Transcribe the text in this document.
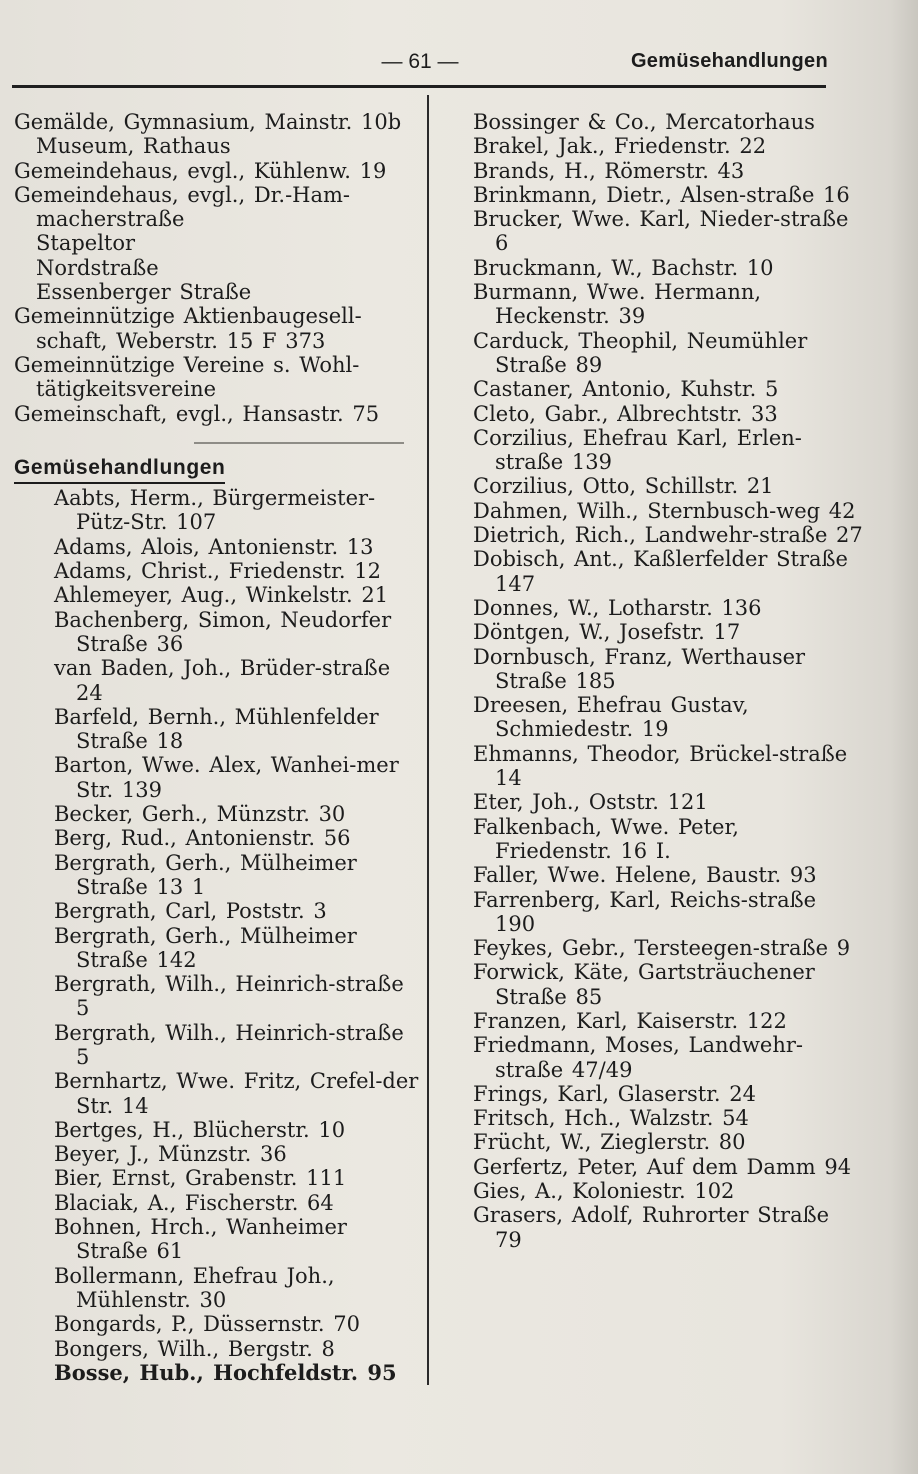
— 61 —	Gemüsehandlungen
Gemälde, Gymnasium, Mainstr. 10b
Museum, Rathaus
Gemeindehaus, evgl., Kühlenw. 19
Gemeindehaus, evgl., Dr.-Ham-macherstraße
Stapeltor
Nordstraße
Essenberger Straße
Gemeinnützige Aktienbaugesell-schaft, Weberstr. 15 F 373
Gemeinnützige Vereine s. Wohl-tätigkeitsvereine
Gemeinschaft, evgl., Hansastr. 75
Gemüsehandlungen
Aabts, Herm., Bürgermeister-Pütz-Str. 107
Adams, Alois, Antonienstr. 13
Adams, Christ., Friedenstr. 12
Ahlemeyer, Aug., Winkelstr. 21
Bachenberg, Simon, Neudorfer Straße 36
van Baden, Joh., Brüder-straße 24
Barfeld, Bernh., Mühlenfelder Straße 18
Barton, Wwe. Alex, Wanhei-mer Str. 139
Becker, Gerh., Münzstr. 30
Berg, Rud., Antonienstr. 56
Bergrath, Gerh., Mülheimer Straße 13 1
Bergrath, Carl, Poststr. 3
Bergrath, Gerh., Mülheimer Straße 142
Bergrath, Wilh., Heinrich-straße 5
Bergrath, Wilh., Heinrich-straße 5
Bernhartz, Wwe. Fritz, Crefel-der Str. 14
Bertges, H., Blücherstr. 10
Beyer, J., Münzstr. 36
Bier, Ernst, Grabenstr. 111
Blaciak, A., Fischerstr. 64
Bohnen, Hrch., Wanheimer Straße 61
Bollermann, Ehefrau Joh., Mühlenstr. 30
Bongards, P., Düssernstr. 70
Bongers, Wilh., Bergstr. 8
Bosse, Hub., Hochfeldstr. 95
Bossinger & Co., Mercatorhaus
Brakel, Jak., Friedenstr. 22
Brands, H., Römerstr. 43
Brinkmann, Dietr., Alsen-straße 16
Brucker, Wwe. Karl, Nieder-straße 6
Bruckmann, W., Bachstr. 10
Burmann, Wwe. Hermann, Heckenstr. 39
Carduck, Theophil, Neumühler Straße 89
Castaner, Antonio, Kuhstr. 5
Cleto, Gabr., Albrechtstr. 33
Corzilius, Ehefrau Karl, Erlen-straße 139
Corzilius, Otto, Schillstr. 21
Dahmen, Wilh., Sternbusch-weg 42
Dietrich, Rich., Landwehr-straße 27
Dobisch, Ant., Kaßlerfelder Straße 147
Donnes, W., Lotharstr. 136
Döntgen, W., Josefstr. 17
Dornbusch, Franz, Werthauser Straße 185
Dreesen, Ehefrau Gustav, Schmiedestr. 19
Ehmanns, Theodor, Brückel-straße 14
Eter, Joh., Oststr. 121
Falkenbach, Wwe. Peter, Friedenstr. 16 I.
Faller, Wwe. Helene, Baustr. 93
Farrenberg, Karl, Reichs-straße 190
Feykes, Gebr., Tersteegen-straße 9
Forwick, Käte, Gartsträuchener Straße 85
Franzen, Karl, Kaiserstr. 122
Friedmann, Moses, Landwehr-straße 47/49
Frings, Karl, Glaserstr. 24
Fritsch, Hch., Walzstr. 54
Frücht, W., Zieglerstr. 80
Gerfertz, Peter, Auf dem Damm 94
Gies, A., Koloniestr. 102
Grasers, Adolf, Ruhrorter Straße 79
